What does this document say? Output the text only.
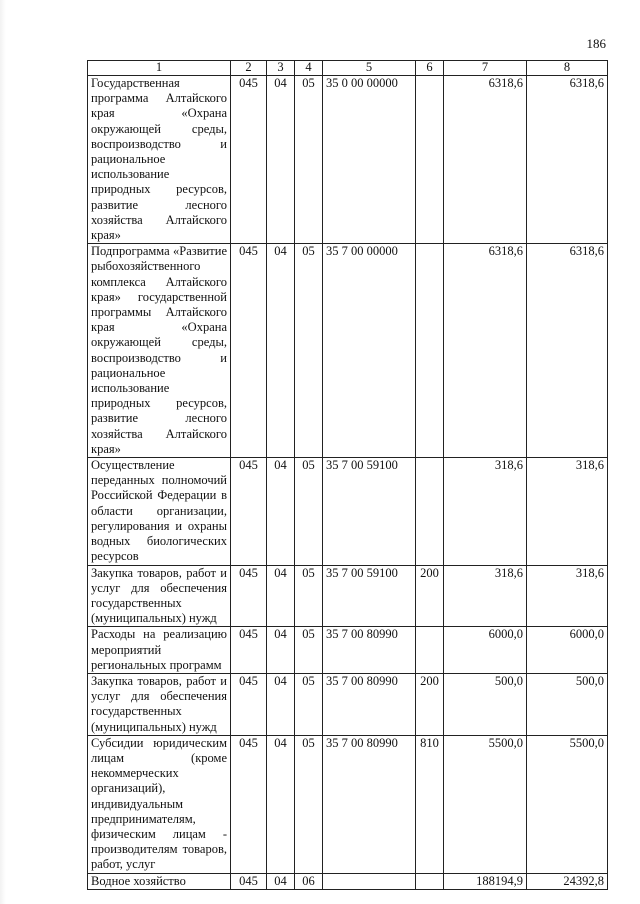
186
1	2	3	4	5	6	7	8
Государственная программа Алтайского края «Охрана окружающей среды, воспроизводство и рациональное использование природных ресурсов, развитие лесного хозяйства Алтайского края»	045	04	05	35 0 00 00000		6318,6	6318,6
Подпрограмма «Развитие рыбохозяйственного комплекса Алтайского края» государственной программы Алтайского края «Охрана окружающей среды, воспроизводство и рациональное использование природных ресурсов, развитие лесного хозяйства Алтайского края»	045	04	05	35 7 00 00000		6318,6	6318,6
Осуществление переданных полномочий Российской Федерации в области организации, регулирования и охраны водных биологических ресурсов	045	04	05	35 7 00 59100		318,6	318,6
Закупка товаров, работ и услуг для обеспечения государственных (муниципальных) нужд	045	04	05	35 7 00 59100	200	318,6	318,6
Расходы на реализацию мероприятий региональных программ	045	04	05	35 7 00 80990		6000,0	6000,0
Закупка товаров, работ и услуг для обеспечения государственных (муниципальных) нужд	045	04	05	35 7 00 80990	200	500,0	500,0
Субсидии юридическим лицам (кроме некоммерческих организаций), индивидуальным предпринимателям, физическим лицам - производителям товаров, работ, услуг	045	04	05	35 7 00 80990	810	5500,0	5500,0
Водное хозяйство	045	04	06			188194,9	24392,8
